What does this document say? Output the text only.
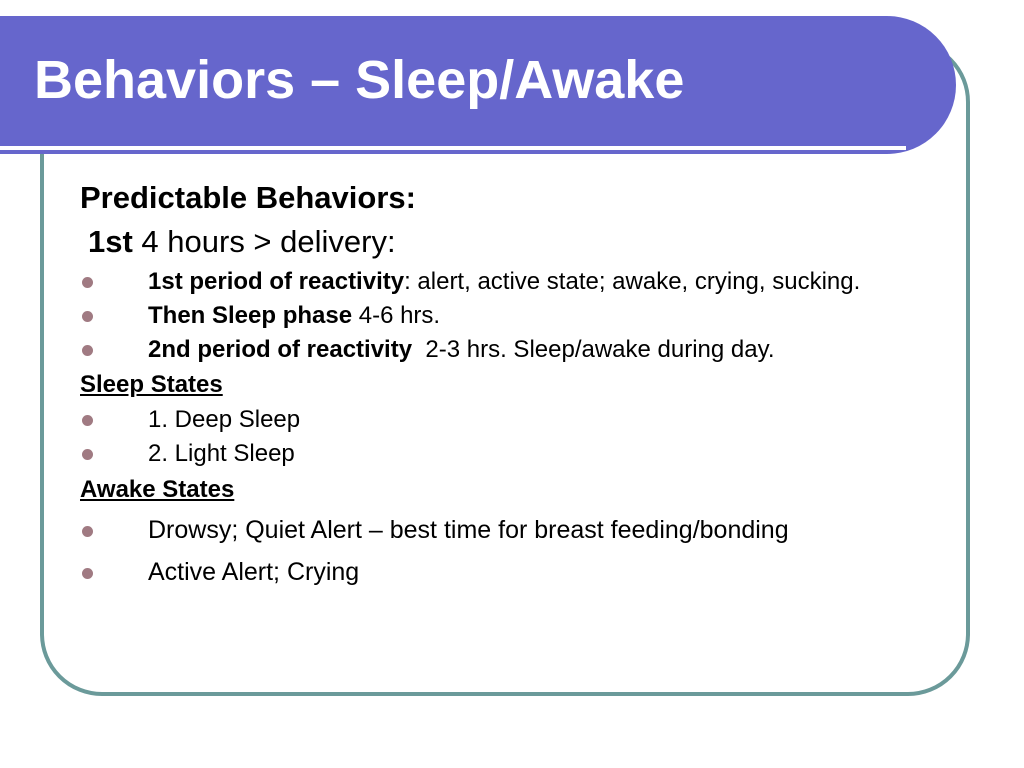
Behaviors – Sleep/Awake

Predictable Behaviors:

1st 4 hours > delivery:

1st period of reactivity: alert, active state; awake, crying, sucking.
Then Sleep phase 4-6 hrs.
2nd period of reactivity  2-3 hrs. Sleep/awake during day.

Sleep States

1. Deep Sleep
2. Light Sleep

Awake States

Drowsy; Quiet Alert – best time for breast feeding/bonding
Active Alert; Crying
